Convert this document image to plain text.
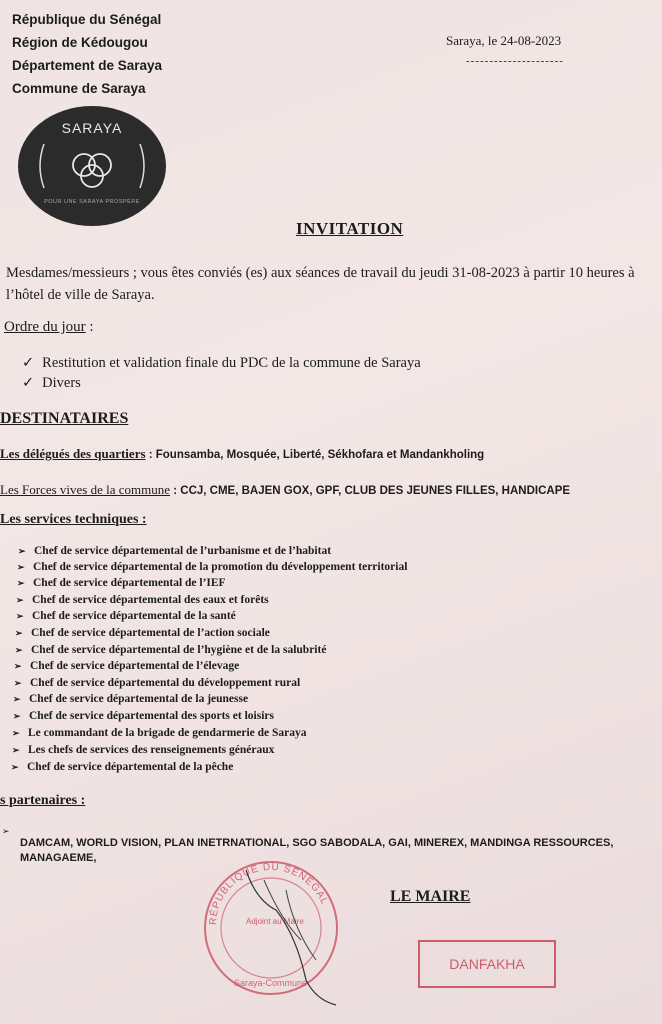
République du Sénégal
Région de Kédougou
Département de Saraya
Commune de Saraya
Saraya, le 24-08-2023
---------------------
SARAYA
POUR UNE SARAYA PROSPÈRE
INVITATION
Mesdames/messieurs ; vous êtes conviés (es) aux séances de travail du jeudi 31-08-2023 à partir 10 heures à l’hôtel de ville de Saraya.
Ordre du jour :
✓ Restitution et validation finale du PDC de la commune de Saraya
✓ Divers
DESTINATAIRES
Les délégués des quartiers : Founsamba, Mosquée, Liberté, Sékhofara et Mandankholing
Les Forces vives de la commune : CCJ, CME, BAJEN GOX, GPF, CLUB DES JEUNES FILLES, HANDICAPE
Les services techniques :
➢ Chef de service départemental de l’urbanisme et de l’habitat
➢ Chef de service départemental de la promotion du développement territorial
➢ Chef de service départemental de l’IEF
➢ Chef de service départemental des eaux et forêts
➢ Chef de service départemental de la santé
➢ Chef de service départemental de l’action sociale
➢ Chef de service départemental de l’hygiène et de la salubrité
➢ Chef de service départemental de l’élevage
➢ Chef de service départemental du développement rural
➢ Chef de service départemental de la jeunesse
➢ Chef de service départemental des sports et loisirs
➢ Le commandant de la brigade de gendarmerie de Saraya
➢ Les chefs de services des renseignements généraux
➢ Chef de service départemental de la pêche
s partenaires :
➢
DAMCAM, WORLD VISION, PLAN INETRNATIONAL, SGO SABODALA, GAI, MINEREX, MANDINGA RESSOURCES, MANAGAEME,
RÉPUBLIQUE DU SÉNÉGAL
Adjoint au Maire
Saraya-Commune
LE MAIRE
DANFAKHA
